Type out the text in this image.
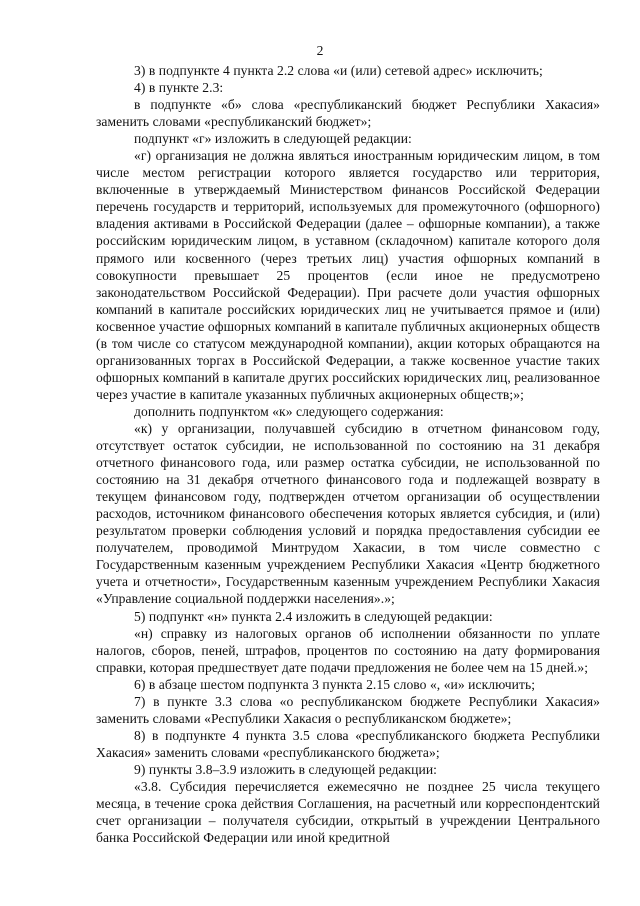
2

3) в подпункте 4 пункта 2.2 слова «и (или) сетевой адрес» исключить;

4) в пункте 2.3:

в подпункте «б» слова «республиканский бюджет Республики Хакасия» заменить словами «республиканский бюджет»;

подпункт «г» изложить в следующей редакции:

«г) организация не должна являться иностранным юридическим лицом, в том числе местом регистрации которого является государство или территория, включенные в утверждаемый Министерством финансов Российской Федерации перечень государств и территорий, используемых для промежуточного (офшорного) владения активами в Российской Федерации (далее – офшорные компании), а также российским юридическим лицом, в уставном (складочном) капитале которого доля прямого или косвенного (через третьих лиц) участия офшорных компаний в совокупности превышает 25 процентов (если иное не предусмотрено законодательством Российской Федерации). При расчете доли участия офшорных компаний в капитале российских юридических лиц не учитывается прямое и (или) косвенное участие офшорных компаний в капитале публичных акционерных обществ (в том числе со статусом международной компании), акции которых обращаются на организованных торгах в Российской Федерации, а также косвенное участие таких офшорных компаний в капитале других российских юридических лиц, реализованное через участие в капитале указанных публичных акционерных обществ;»;

дополнить подпунктом «к» следующего содержания:

«к) у организации, получавшей субсидию в отчетном финансовом году, отсутствует остаток субсидии, не использованной по состоянию на 31 декабря отчетного финансового года, или размер остатка субсидии, не использованной по состоянию на 31 декабря отчетного финансового года и подлежащей возврату в текущем финансовом году, подтвержден отчетом организации об осуществлении расходов, источником финансового обеспечения которых является субсидия, и (или) результатом проверки соблюдения условий и порядка предоставления субсидии ее получателем, проводимой Минтрудом Хакасии, в том числе совместно с Государственным казенным учреждением Республики Хакасия «Центр бюджетного учета и отчетности», Государственным казенным учреждением Республики Хакасия «Управление социальной поддержки населения».»;

5) подпункт «н» пункта 2.4 изложить в следующей редакции:

«н) справку из налоговых органов об исполнении обязанности по уплате налогов, сборов, пеней, штрафов, процентов по состоянию на дату формирования справки, которая предшествует дате подачи предложения не более чем на 15 дней.»;

6) в абзаце шестом подпункта 3 пункта 2.15 слово «, «и» исключить;

7) в пункте 3.3 слова «о республиканском бюджете Республики Хакасия» заменить словами «Республики Хакасия о республиканском бюджете»;

8) в подпункте 4 пункта 3.5 слова «республиканского бюджета Республики Хакасия» заменить словами «республиканского бюджета»;

9) пункты 3.8–3.9 изложить в следующей редакции:

«3.8. Субсидия перечисляется ежемесячно не позднее 25 числа текущего месяца, в течение срока действия Соглашения, на расчетный или корреспондентский счет организации – получателя субсидии, открытый в учреждении Центрального банка Российской Федерации или иной кредитной
